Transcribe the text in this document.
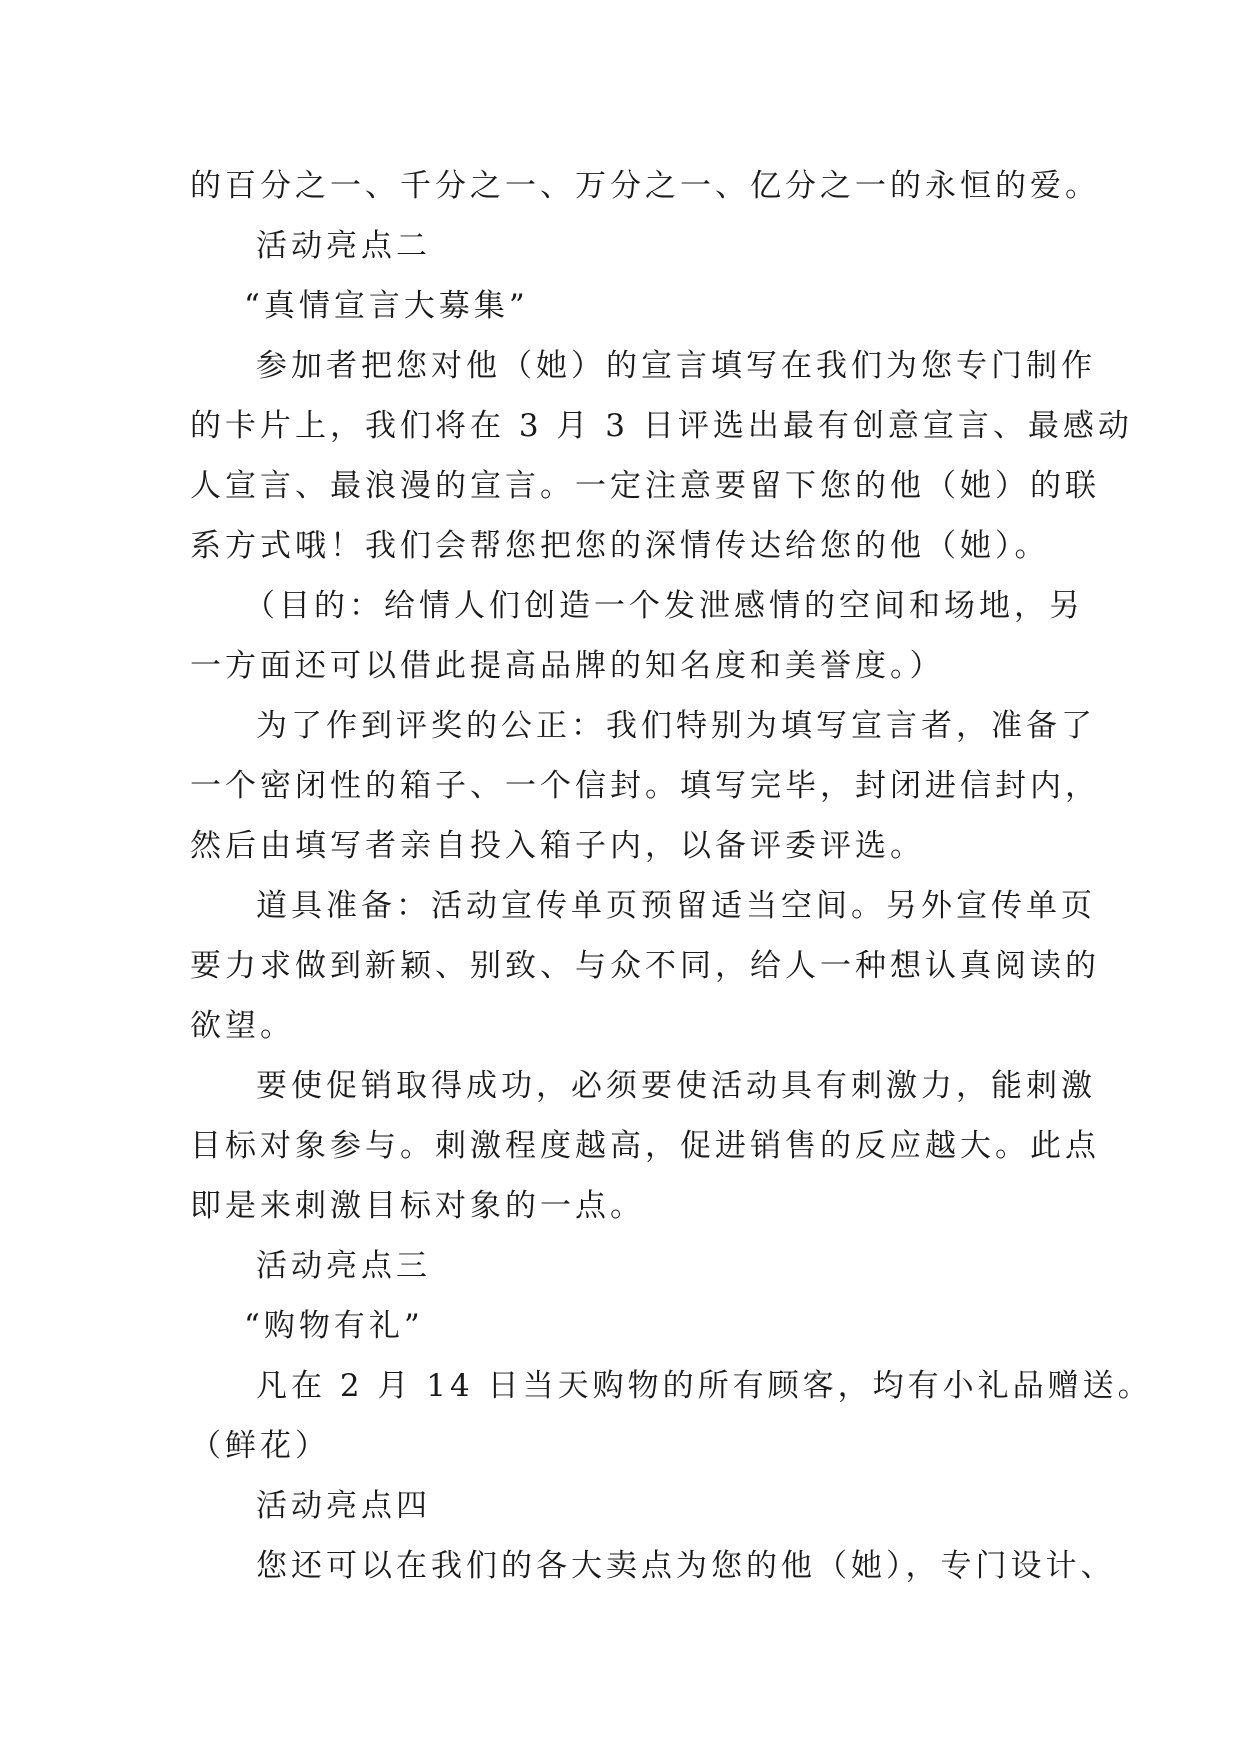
的百分之一、千分之一、万分之一、亿分之一的永恒的爱。
活动亮点二
“真情宣言大募集”
参加者把您对他（她）的宣言填写在我们为您专门制作
的卡片上，我们将在 3 月 3 日评选出最有创意宣言、最感动
人宣言、最浪漫的宣言。一定注意要留下您的他（她）的联
系方式哦！我们会帮您把您的深情传达给您的他（她）。
（目的：给情人们创造一个发泄感情的空间和场地，另
一方面还可以借此提高品牌的知名度和美誉度。）
为了作到评奖的公正：我们特别为填写宣言者，准备了
一个密闭性的箱子、一个信封。填写完毕，封闭进信封内，
然后由填写者亲自投入箱子内，以备评委评选。
道具准备：活动宣传单页预留适当空间。另外宣传单页
要力求做到新颖、别致、与众不同，给人一种想认真阅读的
欲望。
要使促销取得成功，必须要使活动具有刺激力，能刺激
目标对象参与。刺激程度越高，促进销售的反应越大。此点
即是来刺激目标对象的一点。
活动亮点三
“购物有礼”
凡在 2 月 14 日当天购物的所有顾客，均有小礼品赠送。
（鲜花）
活动亮点四
您还可以在我们的各大卖点为您的他（她），专门设计、
